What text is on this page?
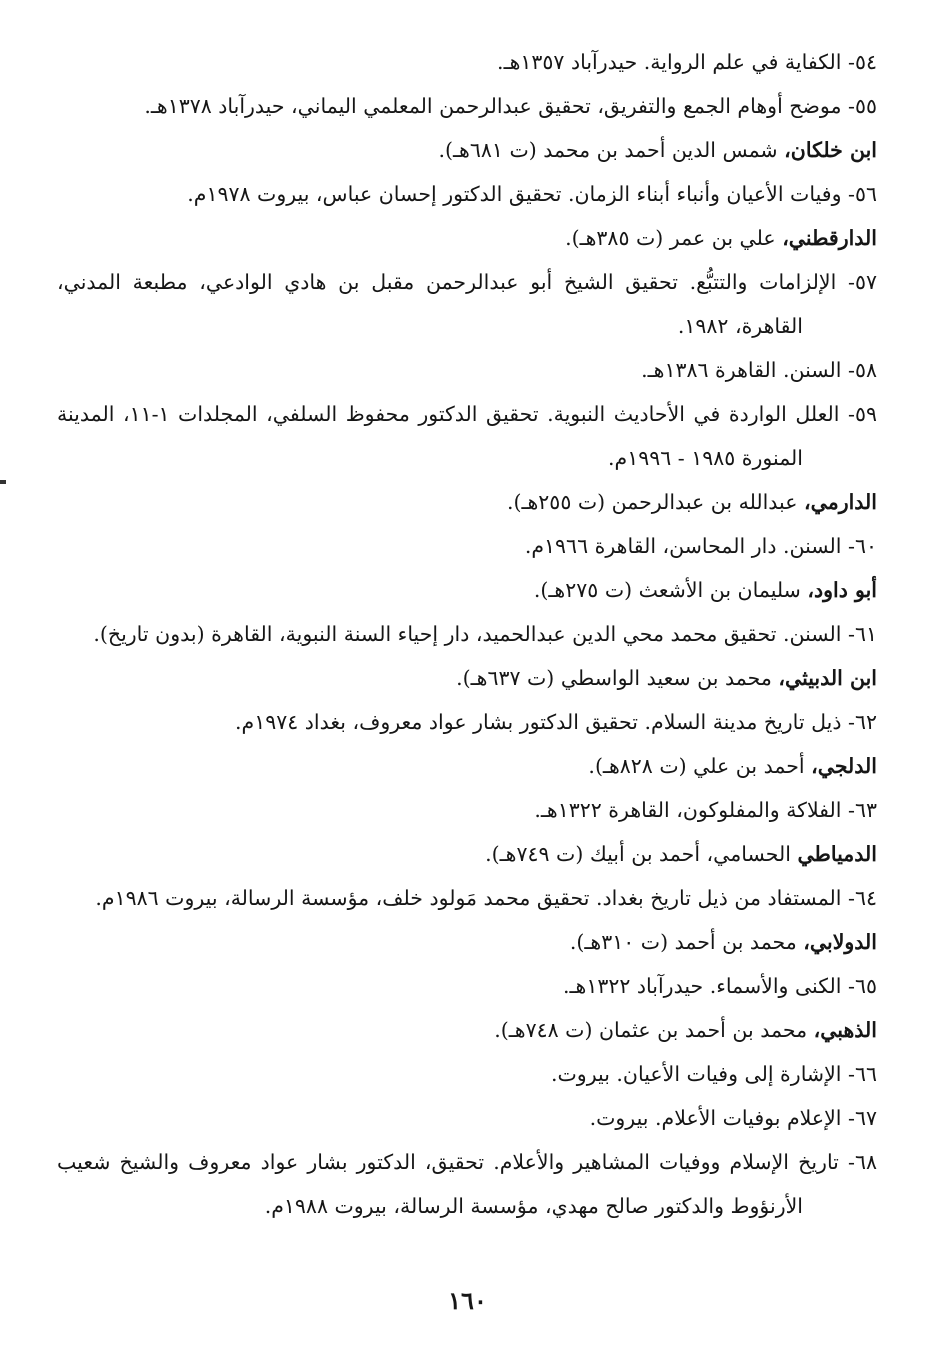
٥٤- الكفاية في علم الرواية. حيدرآباد ١٣٥٧هـ.

٥٥- موضح أوهام الجمع والتفريق، تحقيق عبدالرحمن المعلمي اليماني، حيدرآباد ١٣٧٨هـ.

ابن خلكان، شمس الدين أحمد بن محمد (ت ٦٨١هـ).

٥٦- وفيات الأعيان وأنباء أبناء الزمان. تحقيق الدكتور إحسان عباس، بيروت ١٩٧٨م.

الدارقطني، علي بن عمر (ت ٣٨٥هـ).

٥٧- الإلزامات والتتبُّع. تحقيق الشيخ أبو عبدالرحمن مقبل بن هادي الوادعي، مطبعة المدني، القاهرة، ١٩٨٢.

٥٨- السنن. القاهرة ١٣٨٦هـ.

٥٩- العلل الواردة في الأحاديث النبوية. تحقيق الدكتور محفوظ السلفي، المجلدات ١-١١، المدينة المنورة ١٩٨٥ - ١٩٩٦م.

الدارمي، عبدالله بن عبدالرحمن (ت ٢٥٥هـ).

٦٠- السنن. دار المحاسن، القاهرة ١٩٦٦م.

أبو داود، سليمان بن الأشعث (ت ٢٧٥هـ).

٦١- السنن. تحقيق محمد محي الدين عبدالحميد، دار إحياء السنة النبوية، القاهرة (بدون تاريخ).

ابن الدبيثي، محمد بن سعيد الواسطي (ت ٦٣٧هـ).

٦٢- ذيل تاريخ مدينة السلام. تحقيق الدكتور بشار عواد معروف، بغداد ١٩٧٤م.

الدلجي، أحمد بن علي (ت ٨٢٨هـ).

٦٣- الفلاكة والمفلوكون، القاهرة ١٣٢٢هـ.

الدمياطي الحسامي، أحمد بن أبيك (ت ٧٤٩هـ).

٦٤- المستفاد من ذيل تاريخ بغداد. تحقيق محمد مَولود خلف، مؤسسة الرسالة، بيروت ١٩٨٦م.

الدولابي، محمد بن أحمد (ت ٣١٠هـ).

٦٥- الكنى والأسماء. حيدرآباد ١٣٢٢هـ.

الذهبي، محمد بن أحمد بن عثمان (ت ٧٤٨هـ).

٦٦- الإشارة إلى وفيات الأعيان. بيروت.

٦٧- الإعلام بوفيات الأعلام. بيروت.

٦٨- تاريخ الإسلام ووفيات المشاهير والأعلام. تحقيق، الدكتور بشار عواد معروف والشيخ شعيب الأرنؤوط والدكتور صالح مهدي، مؤسسة الرسالة، بيروت ١٩٨٨م.

١٦٠
